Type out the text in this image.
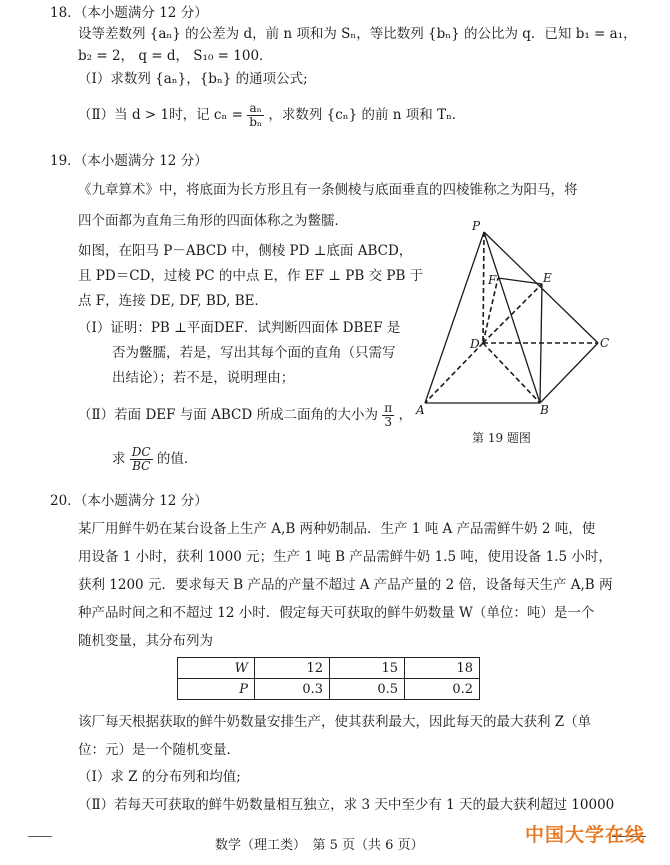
18．（本小题满分 12 分）
设等差数列 {aₙ} 的公差为 d，前 n 项和为 Sₙ，等比数列 {bₙ} 的公比为 q．已知 b₁ = a₁，
b₂ = 2， q = d， S₁₀ = 100．
（Ⅰ）求数列 {aₙ}，{bₙ} 的通项公式;
（Ⅱ）当 d > 1时，记 $c_n = \frac{\text{aₙ}}{\text{bₙ}}$ ，求数列 {cₙ} 的前 n 项和 Tₙ．
19．（本小题满分 12 分）
《九章算术》中，将底面为长方形且有一条侧棱与底面垂直的四棱锥称之为阳马，将
四个面都为直角三角形的四面体称之为鳖臑．
如图，在阳马 P－ABCD 中，侧棱 PD ⊥底面 ABCD，
且 PD＝CD，过棱 PC 的中点 E，作 EF ⊥ PB 交 PB 于
点 F，连接 DE, DF, BD, BE．
（Ⅰ）证明：PB ⊥平面DEF．试判断四面体 DBEF 是
否为鳖臑，若是，写出其每个面的直角（只需写
出结论）；若不是，说明理由；
（Ⅱ）若面 DEF 与面 ABCD 所成二面角的大小为 $\frac{\pi}{3}$ ，
求 $\frac{DC}{BC}$ 的值．
P
F	E
D	C
A	B
第 19 题图
20．（本小题满分 12 分）
某厂用鲜牛奶在某台设备上生产 A,B 两种奶制品．生产 1 吨 A 产品需鲜牛奶 2 吨，使
用设备 1 小时，获利 1000 元；生产 1 吨 B 产品需鲜牛奶 1.5 吨，使用设备 1.5 小时，
获利 1200 元．要求每天 B 产品的产量不超过 A 产品产量的 2 倍，设备每天生产 A,B 两
种产品时间之和不超过 12 小时．假定每天可获取的鲜牛奶数量 W（单位：吨）是一个
随机变量，其分布列为
W	12	15	18
P	0.3	0.5	0.2
该厂每天根据获取的鲜牛奶数量安排生产，使其获利最大，因此每天的最大获利 Z（单
位：元）是一个随机变量．
（Ⅰ）求 Z 的分布列和均值;
（Ⅱ）若每天可获取的鲜牛奶数量相互独立，求 3 天中至少有 1 天的最大获利超过 10000
数学（理工类）　第 5 页（共 6 页）	中国大学在线
